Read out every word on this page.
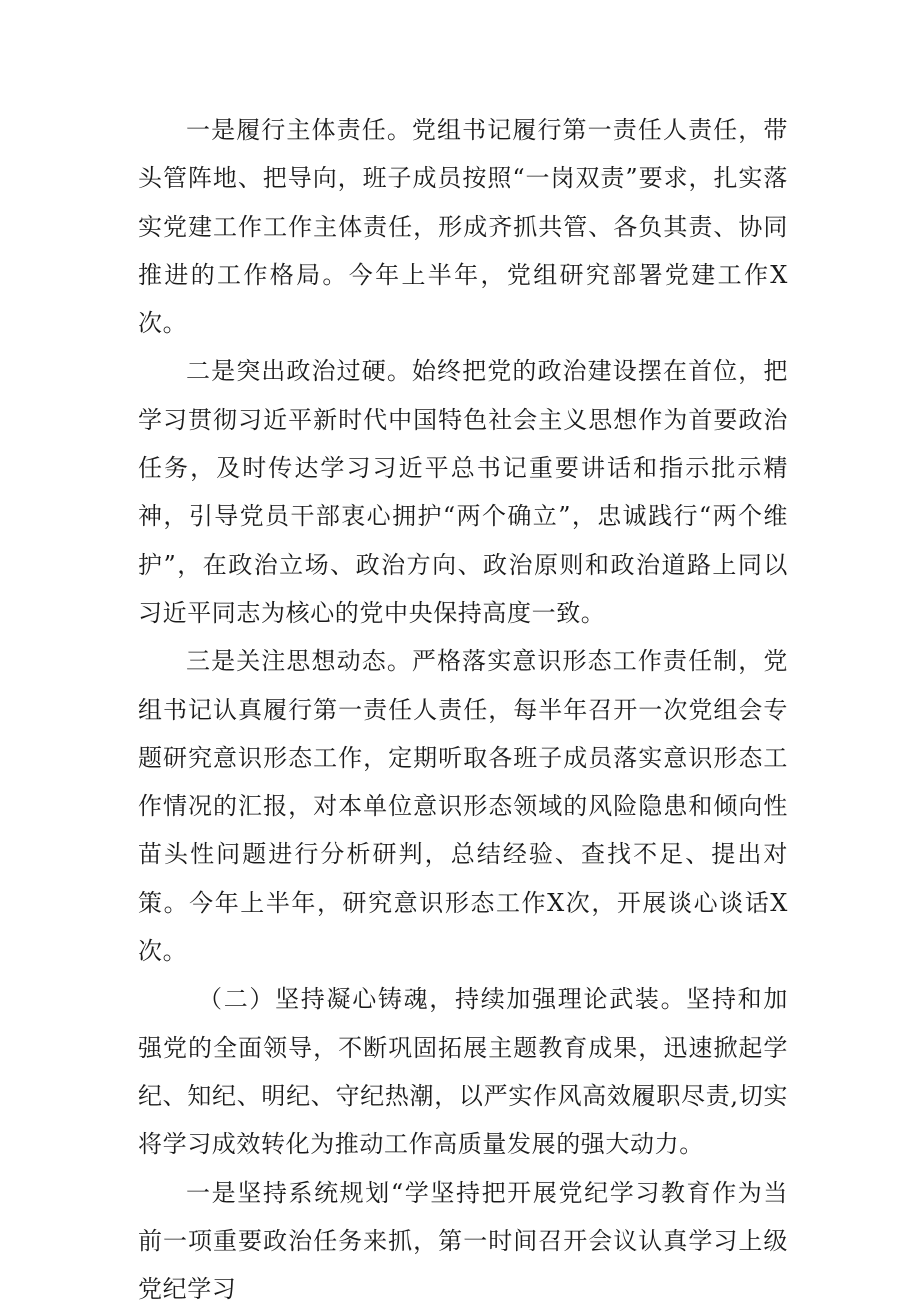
一是履行主体责任。党组书记履行第一责任人责任，带头管阵地、把导向，班子成员按照“一岗双责”要求，扎实落实党建工作工作主体责任，形成齐抓共管、各负其责、协同推进的工作格局。今年上半年，党组研究部署党建工作X次。

二是突出政治过硬。始终把党的政治建设摆在首位，把学习贯彻习近平新时代中国特色社会主义思想作为首要政治任务，及时传达学习习近平总书记重要讲话和指示批示精神，引导党员干部衷心拥护“两个确立”，忠诚践行“两个维护”，在政治立场、政治方向、政治原则和政治道路上同以习近平同志为核心的党中央保持高度一致。

三是关注思想动态。严格落实意识形态工作责任制，党组书记认真履行第一责任人责任，每半年召开一次党组会专题研究意识形态工作，定期听取各班子成员落实意识形态工作情况的汇报，对本单位意识形态领域的风险隐患和倾向性苗头性问题进行分析研判，总结经验、查找不足、提出对策。今年上半年，研究意识形态工作X次，开展谈心谈话X次。

（二）坚持凝心铸魂，持续加强理论武装。坚持和加强党的全面领导，不断巩固拓展主题教育成果，迅速掀起学纪、知纪、明纪、守纪热潮，以严实作风高效履职尽责,切实将学习成效转化为推动工作高质量发展的强大动力。

一是坚持系统规划“学坚持把开展党纪学习教育作为当前一项重要政治任务来抓，第一时间召开会议认真学习上级党纪学习
